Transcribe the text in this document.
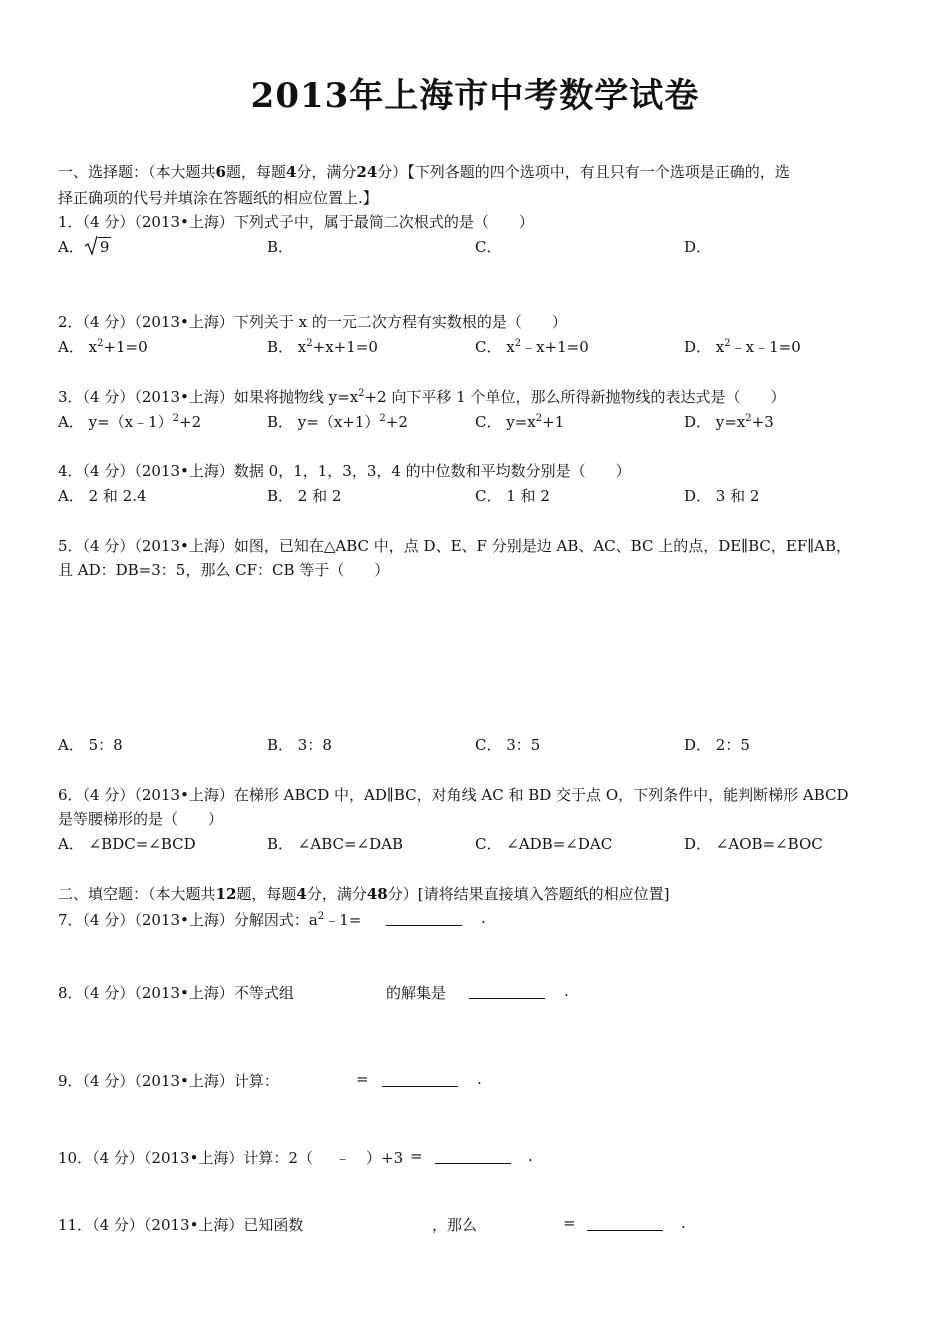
2013年上海市中考数学试卷
一、选择题：（本大题共6题，每题4分，满分24分）【下列各题的四个选项中，有且只有一个选项是正确的，选
择正确项的代号并填涂在答题纸的相应位置上.】
1．（4 分）（2013•上海）下列式子中，属于最简二次根式的是（　　）
A． 9	B．	C．	D．
2．（4 分）（2013•上海）下列关于 x 的一元二次方程有实数根的是（　　）
A． $x^2+1=0$	B． $x^2+x+1=0$	C． $x^2﹣x+1=0$	D． $x^2﹣x﹣1=0$
3．（4 分）（2013•上海）如果将抛物线 $y=x^2+2$ 向下平移 1 个单位，那么所得新抛物线的表达式是（　　）
A． y=（x﹣1）$^2$+2	B． $y=(x+1)^2+2$	C． $y=x^2+1$	D． $y=x^2+3$
4．（4 分）（2013•上海）数据 0，1，1，3，3，4 的中位数和平均数分别是（　　）
A． 2 和 2.4	B． 2 和 2	C． 1 和 2	D． 3 和 2
5．（4 分）（2013•上海）如图，已知在△ABC 中，点 D、E、F 分别是边 AB、AC、BC 上的点，DE∥BC，EF∥AB，
且 AD：DB=3：5，那么 CF：CB 等于（　　）
A． 5：8	B． 3：8	C． 3：5	D． 2：5
6．（4 分）（2013•上海）在梯形 ABCD 中，AD∥BC，对角线 AC 和 BD 交于点 O，下列条件中，能判断梯形 ABCD
是等腰梯形的是（　　）
A． ∠BDC=∠BCD	B． ∠ABC=∠DAB	C． ∠ADB=∠DAC	D． ∠AOB=∠BOC
二、填空题：（本大题共12题，每题4分，满分48分）[请将结果直接填入答题纸的相应位置]
7．（4 分）（2013•上海）分解因式：$a^2﹣1=$	.
8．（4 分）（2013•上海）不等式组	的解集是	.
9．（4 分）（2013•上海）计算：	=	.
10．（4 分）（2013•上海）计算：2（ ﹣ ）+3 =	.
11．（4 分）（2013•上海）已知函数	，那么	=	.
